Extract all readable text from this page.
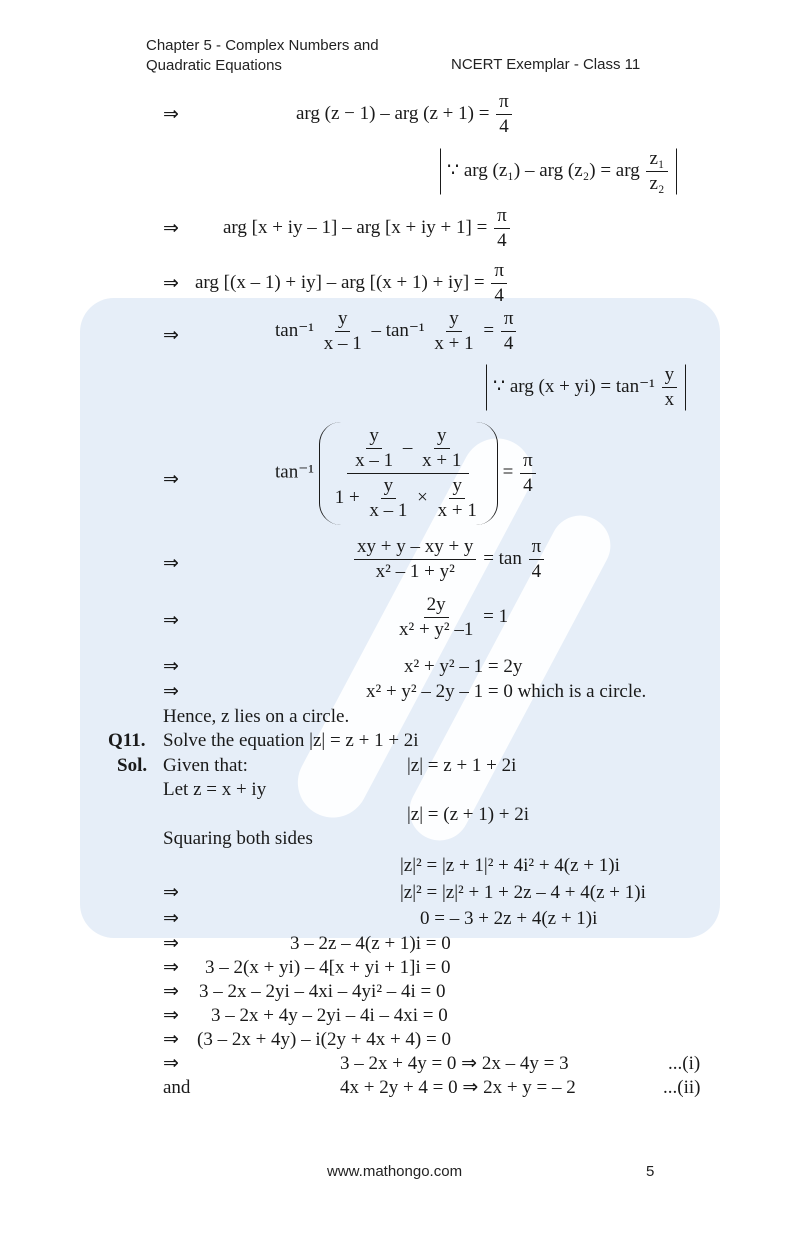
Chapter 5 - Complex Numbers and
Quadratic Equations	NCERT Exemplar - Class 11
⇒	arg (z − 1) – arg $(z + 1) = \frac{\pi}{4}$
∵ arg (z₁) – arg (z₂) = arg $\frac{\text{z₁}}{\text{z₂}}$
⇒ arg [x + iy – 1] – arg [x + iy + $1] = \frac{\pi}{4}$
⇒ arg [(x – 1) + iy] – arg $[(x + 1) + iy] = \frac{\pi}{4}$
⇒	$\tan^{-1} \frac{y}{x - 1} - \tan^{-1} \frac{y}{x + 1} = \frac{\pi}{4}$
∵ arg $(x + yi) = \tan^{-1} \frac{y}{x}$
⇒	$\tan^{-1} \frac{\frac{y}{x - 1} - \frac{y}{x + 1}}{1 + \frac{y}{x - 1} \times \frac{y}{x + 1}} = \frac{\pi}{4}$
⇒	$\frac{xy + y - xy + y}{\text{x² – 1 + y²}} = \tan \frac{\pi}{4}$
⇒	$\frac{2y}{\text{x² + y² –1}} = 1$
⇒	x² + y² – 1 = 2y
⇒	x² + y² – 2y – 1 = 0 which is a circle.
Hence, z lies on a circle.
Q11. Solve the equation |z| = z + 1 + 2i
Sol. Given that:	|z| = z + 1 + 2i
Let z = x + iy
|z| = (z + 1) + 2i
Squaring both sides
|z|² = |z + 1|² + 4i² + 4(z + 1)i
⇒	|z|² = |z|² + 1 + 2z – 4 + 4(z + 1)i
⇒	0 = – 3 + 2z + 4(z + 1)i
⇒	3 – 2z – 4(z + 1)i = 0
⇒ 3 – 2(x + yi) – 4[x + yi + 1]i = 0
⇒ 3 – 2x – 2yi – 4xi – 4yi² – 4i = 0
⇒ 3 – 2x + 4y – 2yi – 4i – 4xi = 0
⇒ (3 – 2x + 4y) – i(2y + 4x + 4) = 0
⇒	3 – 2x + 4y = 0 ⇒ 2x – 4y = 3	...(i)
and	4x + 2y + 4 = 0 ⇒ 2x + y = – 2	...(ii)
www.mathongo.com	5
